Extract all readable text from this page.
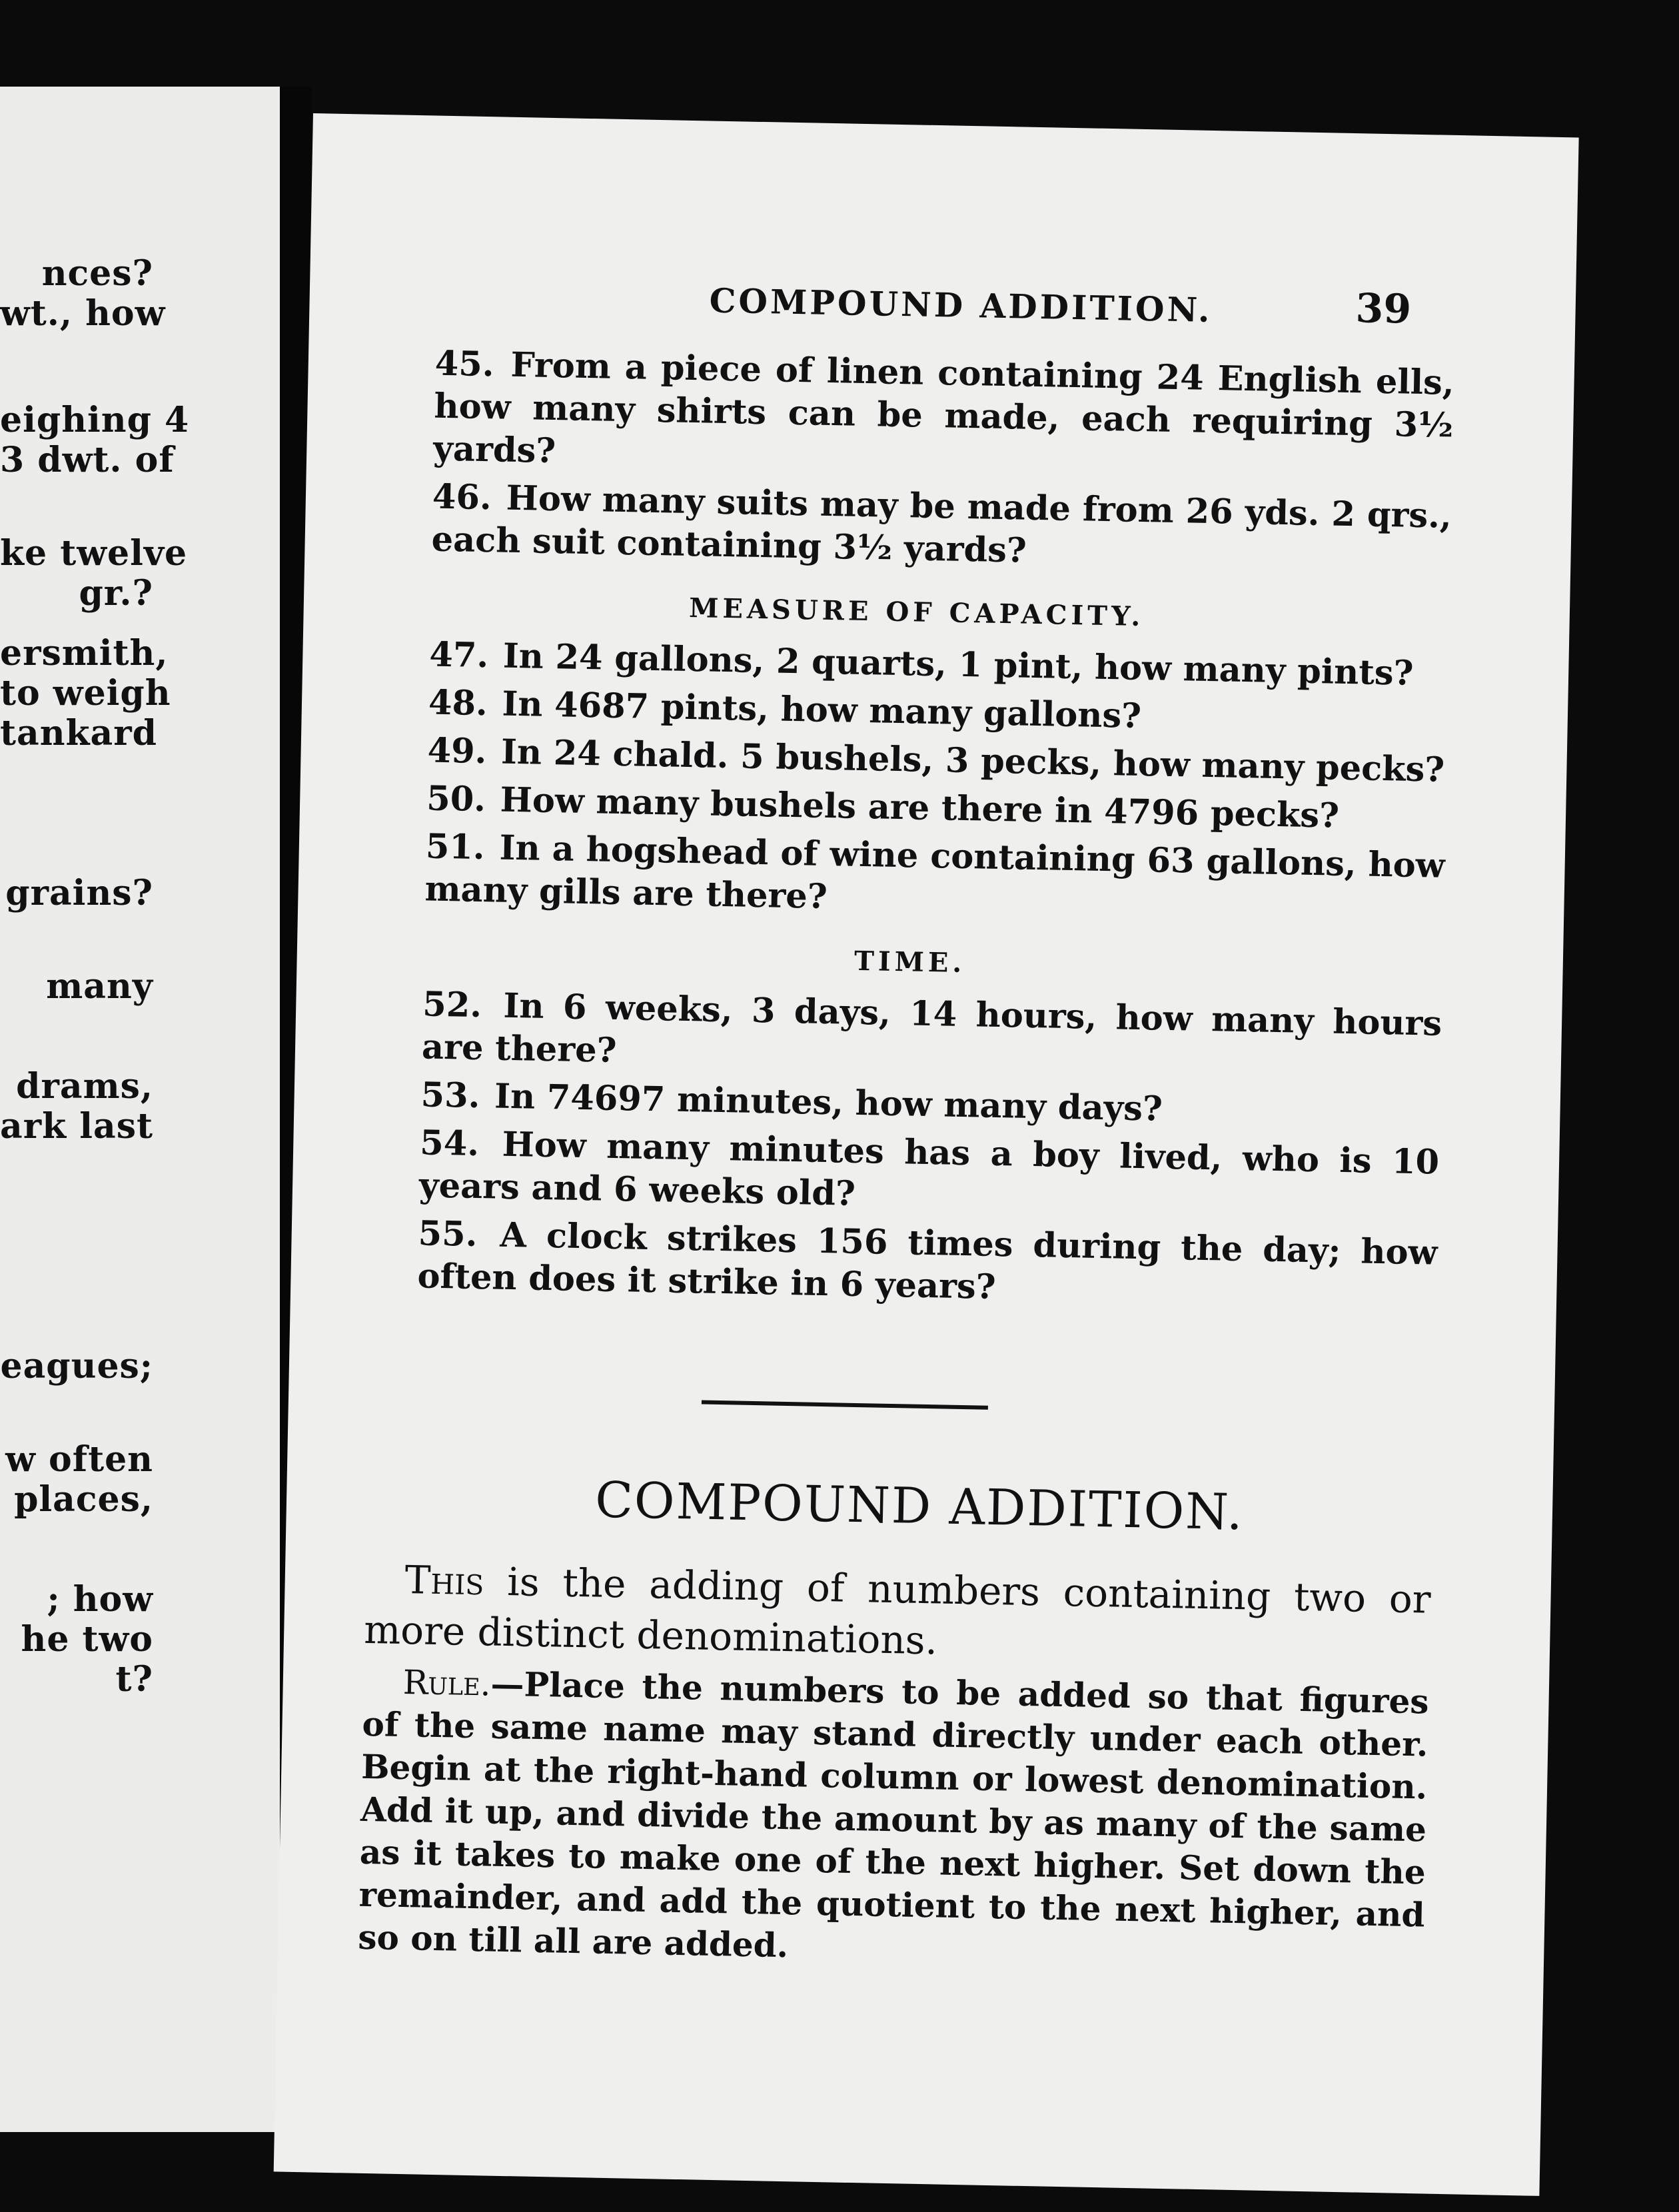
nces?
wt., how
eighing 4
3 dwt. of
ke twelve
gr.?
ersmith,
to weigh
tankard
grains?
many
drams,
ark last
eagues;
w often
places,
; how
he two
t?
COMPOUND ADDITION.	39
45. From a piece of linen containing 24 English ells, how many shirts can be made, each requiring 3½ yards?
46. How many suits may be made from 26 yds. 2 qrs., each suit containing 3½ yards?
MEASURE OF CAPACITY.
47. In 24 gallons, 2 quarts, 1 pint, how many pints?
48. In 4687 pints, how many gallons?
49. In 24 chald. 5 bushels, 3 pecks, how many pecks?
50. How many bushels are there in 4796 pecks?
51. In a hogshead of wine containing 63 gallons, how many gills are there?
TIME.
52. In 6 weeks, 3 days, 14 hours, how many hours are there?
53. In 74697 minutes, how many days?
54. How many minutes has a boy lived, who is 10 years and 6 weeks old?
55. A clock strikes 156 times during the day; how often does it strike in 6 years?
COMPOUND ADDITION.
This is the adding of numbers containing two or more distinct denominations.
Rule.—Place the numbers to be added so that figures of the same name may stand directly under each other. Begin at the right-hand column or lowest denomination. Add it up, and divide the amount by as many of the same as it takes to make one of the next higher. Set down the remainder, and add the quotient to the next higher, and so on till all are added.
